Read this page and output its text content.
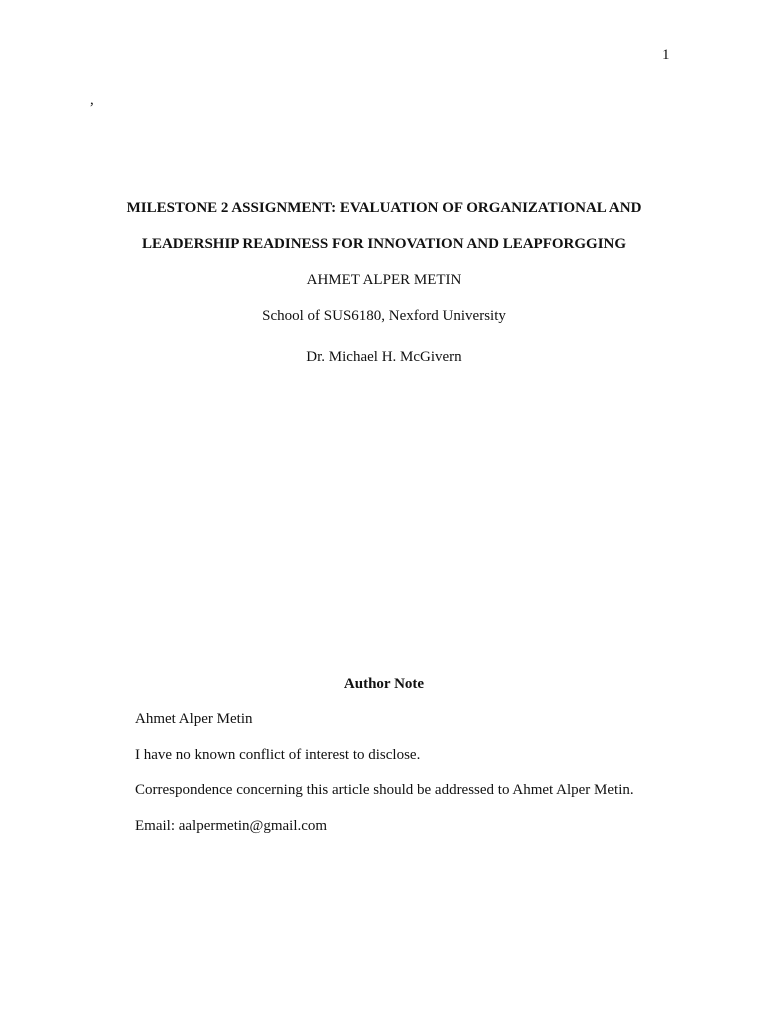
1
,
MILESTONE 2 ASSIGNMENT: EVALUATION OF ORGANIZATIONAL AND
LEADERSHIP READINESS FOR INNOVATION AND LEAPFORGGING
AHMET ALPER METIN
School of SUS6180, Nexford University
Dr. Michael H. McGivern
Author Note
Ahmet Alper Metin
I have no known conflict of interest to disclose.
Correspondence concerning this article should be addressed to Ahmet Alper Metin.
Email: aalpermetin@gmail.com
